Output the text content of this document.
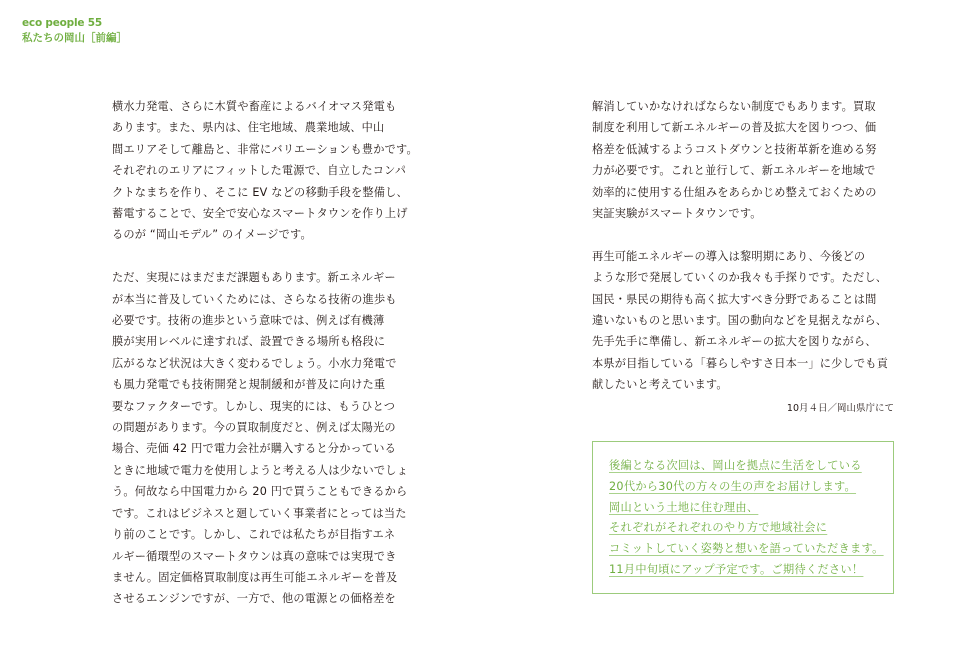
eco people 55
私たちの岡山［前編］

横水力発電、さらに木質や畜産によるバイオマス発電も
あります。また、県内は、住宅地域、農業地域、中山
間エリアそして離島と、非常にバリエーションも豊かです。
それぞれのエリアにフィットした電源で、自立したコンパ
クトなまちを作り、そこに EV などの移動手段を整備し、
蓄電することで、安全で安心なスマートタウンを作り上げ
るのが “岡山モデル” のイメージです。

ただ、実現にはまだまだ課題もあります。新エネルギー
が本当に普及していくためには、さらなる技術の進歩も
必要です。技術の進歩という意味では、例えば有機薄
膜が実用レベルに達すれば、設置できる場所も格段に
広がるなど状況は大きく変わるでしょう。小水力発電で
も風力発電でも技術開発と規制緩和が普及に向けた重
要なファクターです。しかし、現実的には、もうひとつ
の問題があります。今の買取制度だと、例えば太陽光の
場合、売価 42 円で電力会社が購入すると分かっている
ときに地域で電力を使用しようと考える人は少ないでしょ
う。何故なら中国電力から 20 円で買うこともできるから
です。これはビジネスと廻していく事業者にとっては当た
り前のことです。しかし、これでは私たちが目指すエネ
ルギー循環型のスマートタウンは真の意味では実現でき
ません。固定価格買取制度は再生可能エネルギーを普及
させるエンジンですが、一方で、他の電源との価格差を

解消していかなければならない制度でもあります。買取
制度を利用して新エネルギーの普及拡大を図りつつ、価
格差を低減するようコストダウンと技術革新を進める努
力が必要です。これと並行して、新エネルギーを地域で
効率的に使用する仕組みをあらかじめ整えておくための
実証実験がスマートタウンです。

再生可能エネルギーの導入は黎明期にあり、今後どの
ような形で発展していくのか我々も手探りです。ただし、
国民・県民の期待も高く拡大すべき分野であることは間
違いないものと思います。国の動向などを見据えながら、
先手先手に準備し、新エネルギーの拡大を図りながら、
本県が目指している「暮らしやすさ日本一」に少しでも貢
献したいと考えています。

10月４日／岡山県庁にて
後編となる次回は、岡山を拠点に生活をしている
20代から30代の方々の生の声をお届けします。
岡山という土地に住む理由、
それぞれがそれぞれのやり方で地域社会に
コミットしていく姿勢と想いを語っていただきます。
11月中旬頃にアップ予定です。ご期待ください！
